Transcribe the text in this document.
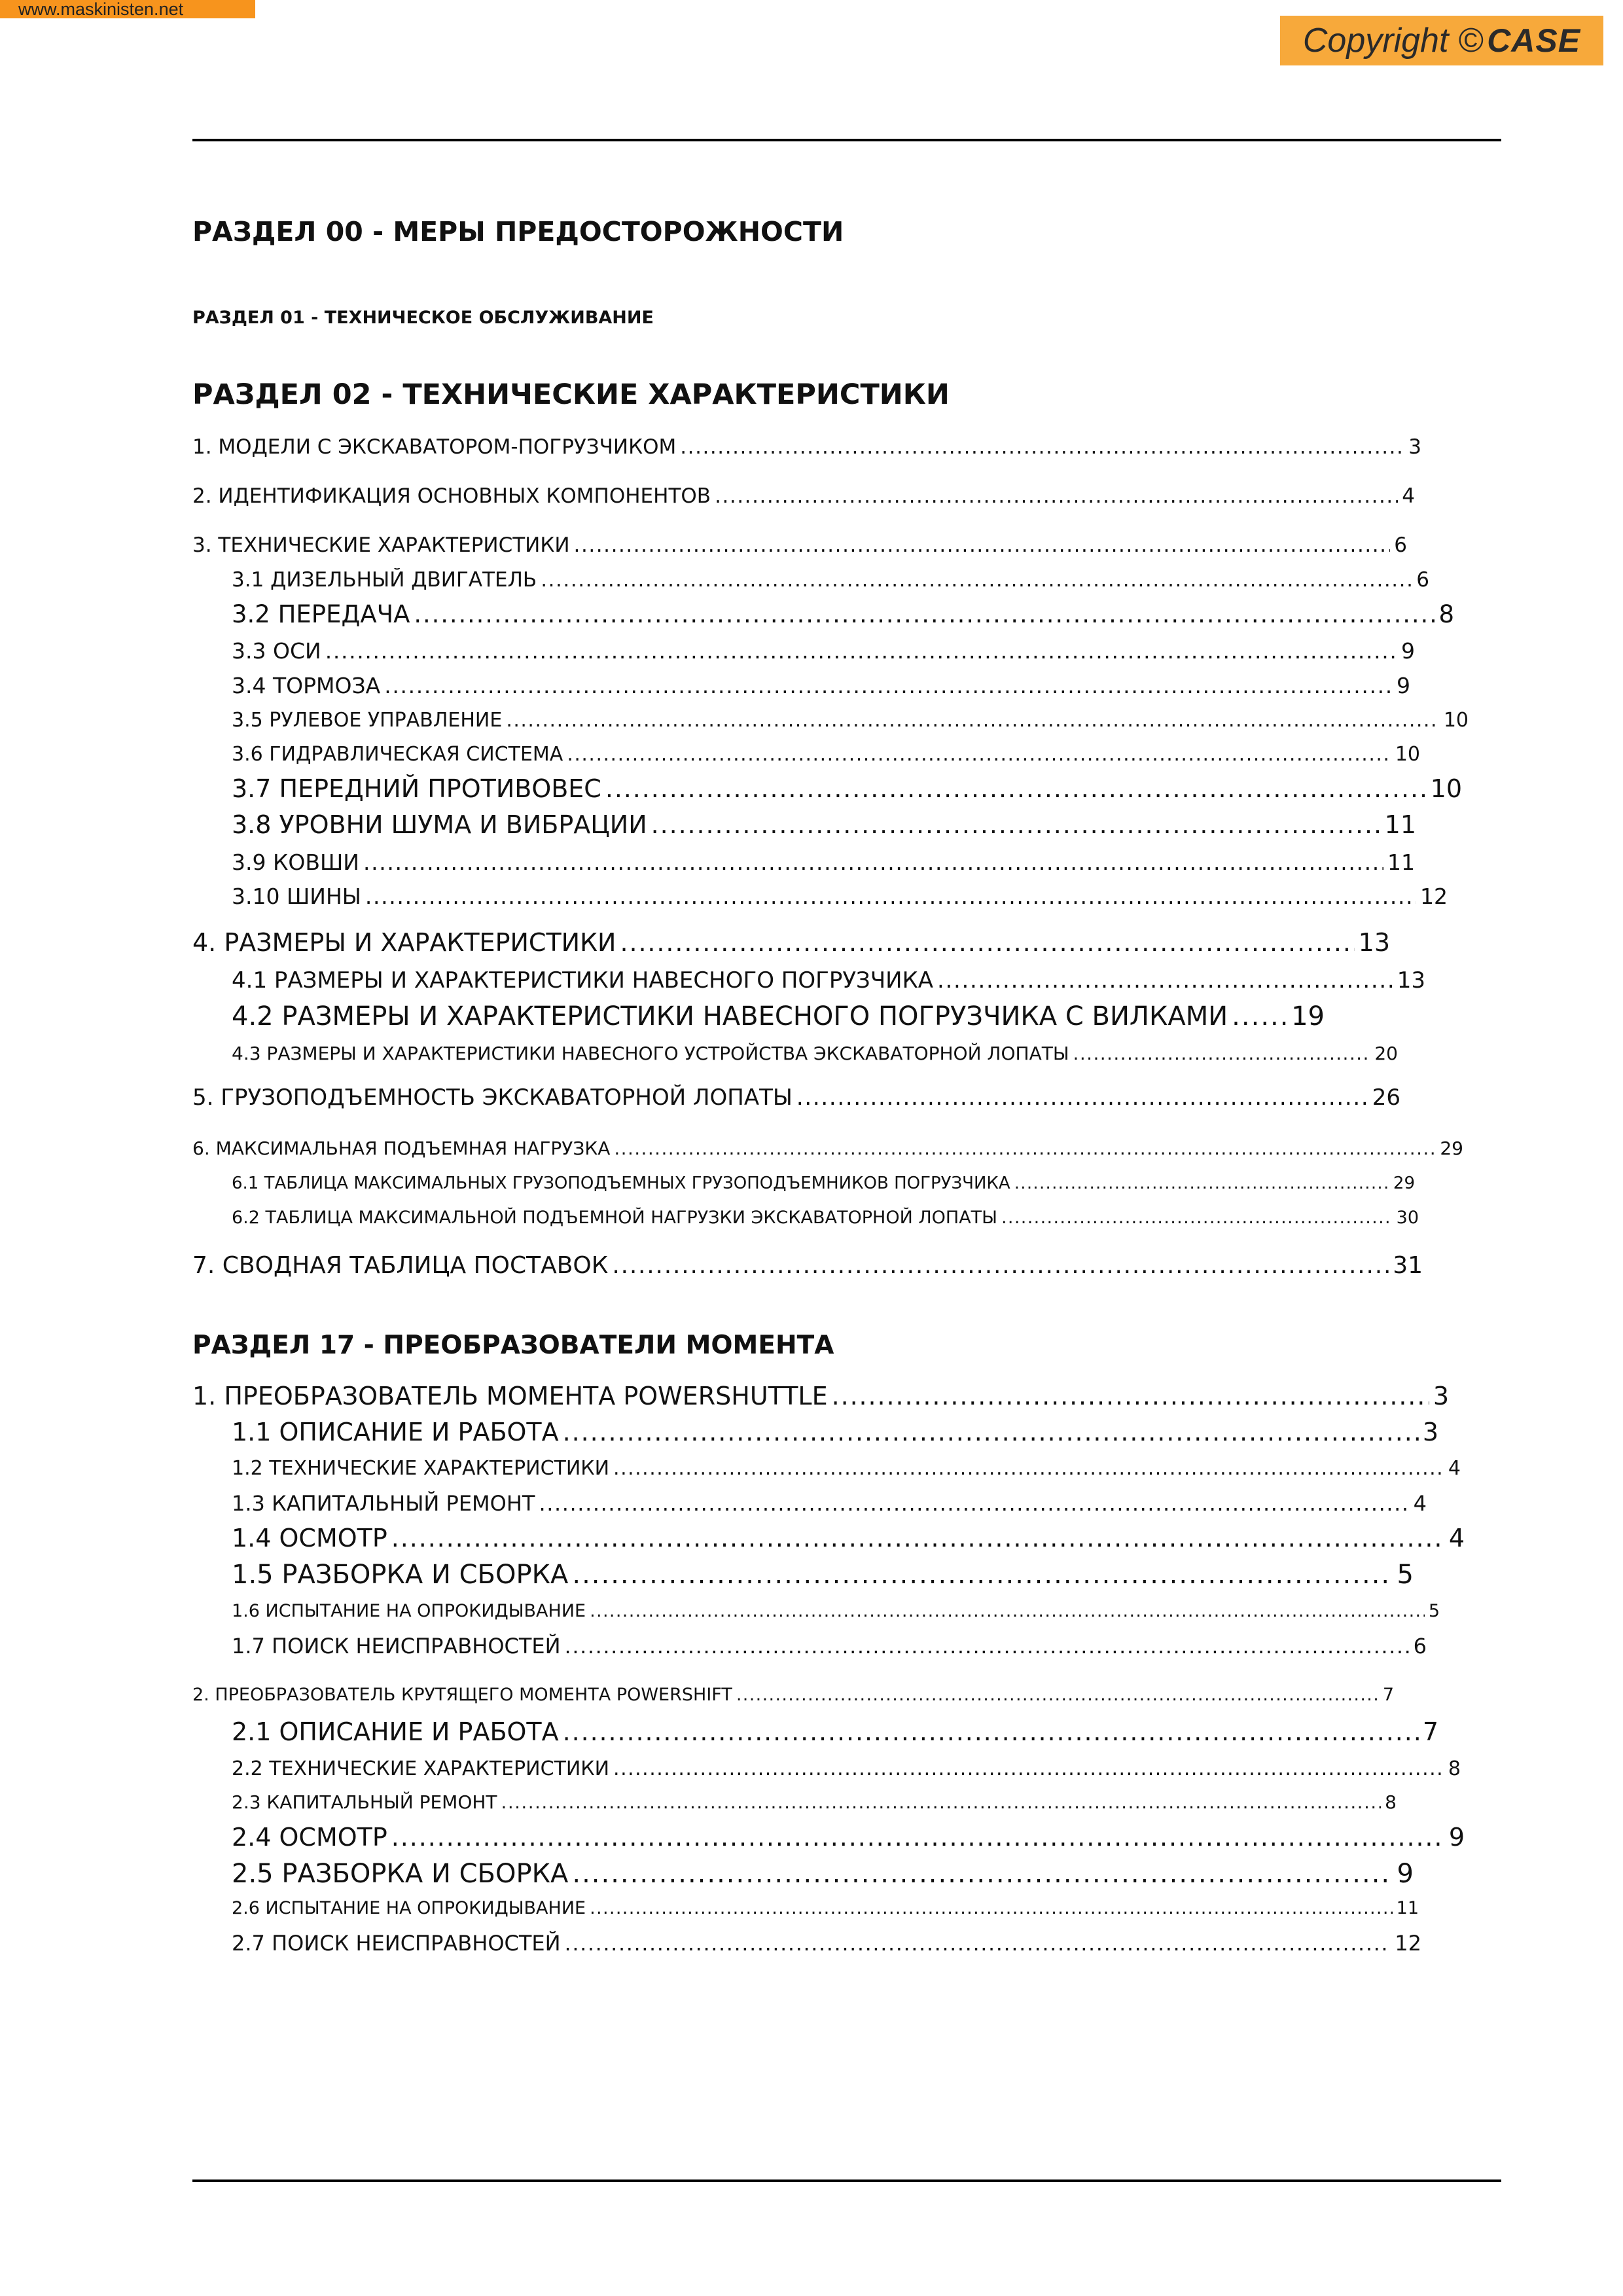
www.maskinisten.net
Copyright © CASE
РАЗДЕЛ 00 - МЕРЫ ПРЕДОСТОРОЖНОСТИ
РАЗДЕЛ 01 - ТЕХНИЧЕСКОЕ ОБСЛУЖИВАНИЕ
РАЗДЕЛ 02 - ТЕХНИЧЕСКИЕ ХАРАКТЕРИСТИКИ
1. МОДЕЛИ С ЭКСКАВАТОРОМ-ПОГРУЗЧИКОМ .....	3
2. ИДЕНТИФИКАЦИЯ ОСНОВНЫХ КОМПОНЕНТОВ .....	4
3. ТЕХНИЧЕСКИЕ ХАРАКТЕРИСТИКИ .....	6
3.1 ДИЗЕЛЬНЫЙ ДВИГАТЕЛЬ .....	6
3.2 ПЕРЕДАЧА .....	8
3.3 ОСИ .....	9
3.4 ТОРМОЗА .....	9
3.5 РУЛЕВОЕ УПРАВЛЕНИЕ .....	10
3.6 ГИДРАВЛИЧЕСКАЯ СИСТЕМА .....	10
3.7 ПЕРЕДНИЙ ПРОТИВОВЕС .....	10
3.8 УРОВНИ ШУМА И ВИБРАЦИИ .....	11
3.9 КОВШИ .....	11
3.10 ШИНЫ .....	12
4. РАЗМЕРЫ И ХАРАКТЕРИСТИКИ .....	13
4.1 РАЗМЕРЫ И ХАРАКТЕРИСТИКИ НАВЕСНОГО ПОГРУЗЧИКА .....	13
4.2 РАЗМЕРЫ И ХАРАКТЕРИСТИКИ НАВЕСНОГО ПОГРУЗЧИКА С ВИЛКАМИ ..... 19
4.3 РАЗМЕРЫ И ХАРАКТЕРИСТИКИ НАВЕСНОГО УСТРОЙСТВА ЭКСКАВАТОРНОЙ ЛОПАТЫ .....	20
5. ГРУЗОПОДЪЕМНОСТЬ ЭКСКАВАТОРНОЙ ЛОПАТЫ .....	26
6. МАКСИМАЛЬНАЯ ПОДЪЕМНАЯ НАГРУЗКА .....	29
6.1 ТАБЛИЦА МАКСИМАЛЬНЫХ ГРУЗОПОДЪЕМНЫХ ГРУЗОПОДЪЕМНИКОВ ПОГРУЗЧИКА .....	29
6.2 ТАБЛИЦА МАКСИМАЛЬНОЙ ПОДЪЕМНОЙ НАГРУЗКИ ЭКСКАВАТОРНОЙ ЛОПАТЫ .....	30
7. СВОДНАЯ ТАБЛИЦА ПОСТАВОК .....	31
РАЗДЕЛ 17 - ПРЕОБРАЗОВАТЕЛИ МОМЕНТА
1. ПРЕОБРАЗОВАТЕЛЬ МОМЕНТА POWERSHUTTLE .....	3
1.1 ОПИСАНИЕ И РАБОТА .....	3
1.2 ТЕХНИЧЕСКИЕ ХАРАКТЕРИСТИКИ .....	4
1.3 КАПИТАЛЬНЫЙ РЕМОНТ .....	4
1.4 ОСМОТР .....	4
1.5 РАЗБОРКА И СБОРКА .....	5
1.6 ИСПЫТАНИЕ НА ОПРОКИДЫВАНИЕ .....	5
1.7 ПОИСК НЕИСПРАВНОСТЕЙ .....	6
2. ПРЕОБРАЗОВАТЕЛЬ КРУТЯЩЕГО МОМЕНТА POWERSHIFT .....	7
2.1 ОПИСАНИЕ И РАБОТА .....	7
2.2 ТЕХНИЧЕСКИЕ ХАРАКТЕРИСТИКИ .....	8
2.3 КАПИТАЛЬНЫЙ РЕМОНТ .....	8
2.4 ОСМОТР .....	9
2.5 РАЗБОРКА И СБОРКА .....	9
2.6 ИСПЫТАНИЕ НА ОПРОКИДЫВАНИЕ .....	11
2.7 ПОИСК НЕИСПРАВНОСТЕЙ .....	12
